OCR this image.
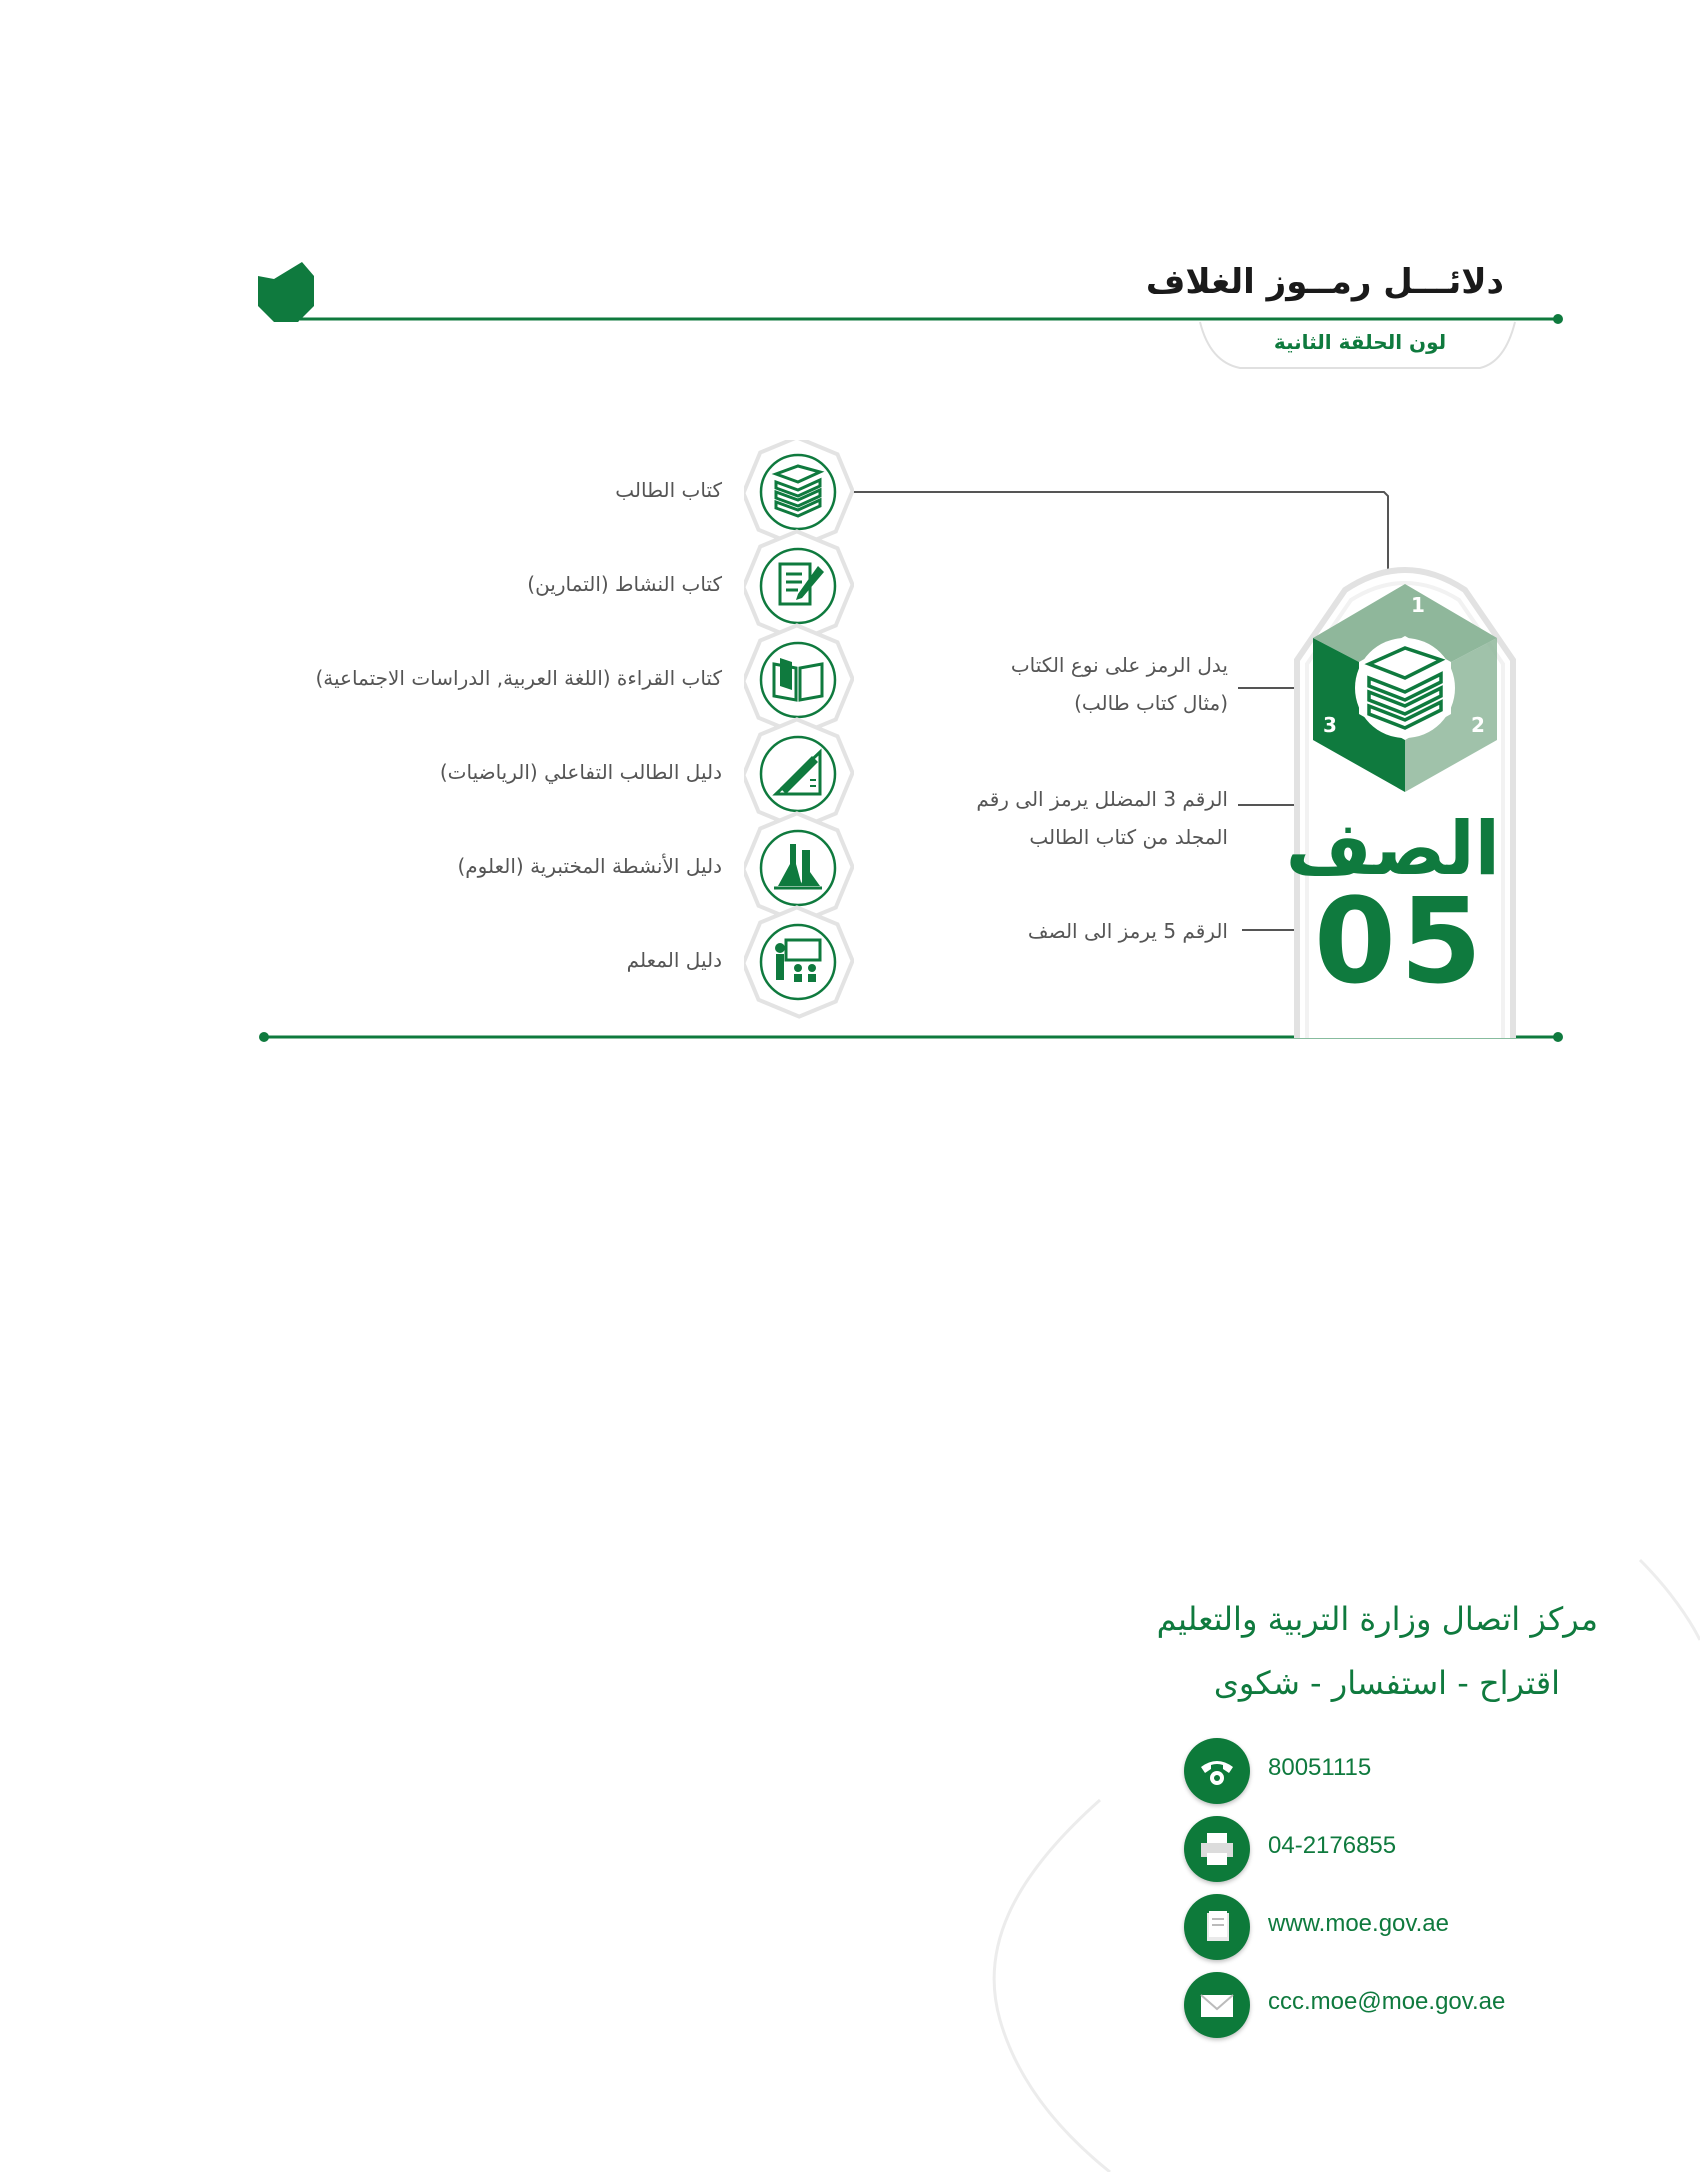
دلائـــل رمــوز الغلاف
لون الحلقة الثانية
1
2
3
الصف
05
يدل الرمز على نوع الكتاب
(مثال كتاب طالب)
الرقم 3 المضلل يرمز الى رقم
المجلد من كتاب الطالب
الرقم 5 يرمز الى الصف
كتاب الطالب
كتاب النشاط (التمارين)
كتاب القراءة (اللغة العربية, الدراسات الاجتماعية)
دليل الطالب التفاعلي (الرياضيات)
دليل الأنشطة المختبرية (العلوم)
دليل المعلم
مركز اتصال وزارة التربية والتعليم
اقتراح - استفسار - شكوى
80051115
04-2176855
www.moe.gov.ae
ccc.moe@moe.gov.ae
